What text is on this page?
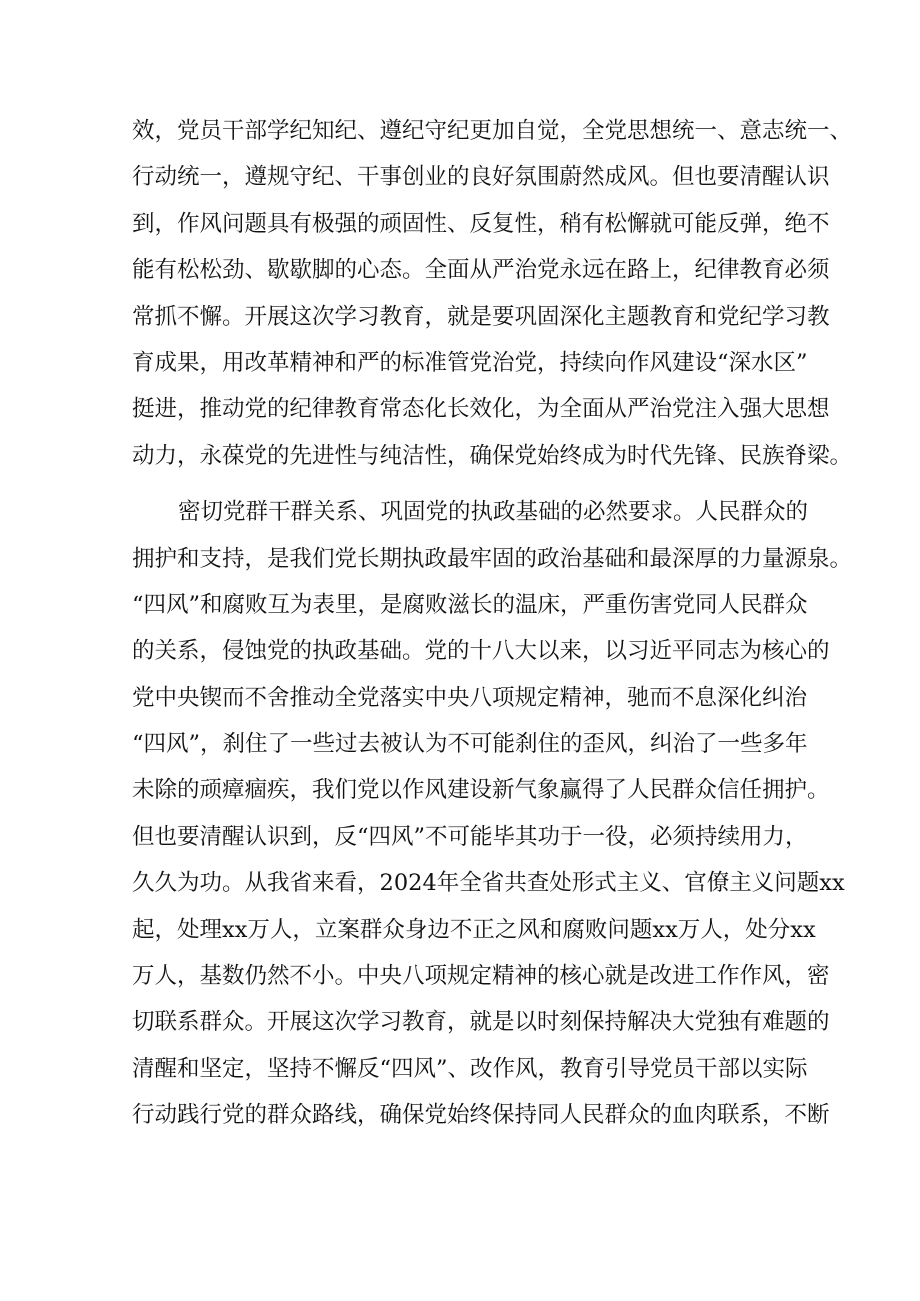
效，党员干部学纪知纪、遵纪守纪更加自觉，全党思想统一、意志统一、
行动统一，遵规守纪、干事创业的良好氛围蔚然成风。但也要清醒认识
到，作风问题具有极强的顽固性、反复性，稍有松懈就可能反弹，绝不
能有松松劲、歇歇脚的心态。全面从严治党永远在路上，纪律教育必须
常抓不懈。开展这次学习教育，就是要巩固深化主题教育和党纪学习教
育成果，用改革精神和严的标准管党治党，持续向作风建设“深水区”
挺进，推动党的纪律教育常态化长效化，为全面从严治党注入强大思想
动力，永葆党的先进性与纯洁性，确保党始终成为时代先锋、民族脊梁。
密切党群干群关系、巩固党的执政基础的必然要求。人民群众的
拥护和支持，是我们党长期执政最牢固的政治基础和最深厚的力量源泉。
“四风”和腐败互为表里，是腐败滋长的温床，严重伤害党同人民群众
的关系，侵蚀党的执政基础。党的十八大以来，以习近平同志为核心的
党中央锲而不舍推动全党落实中央八项规定精神，驰而不息深化纠治
“四风”，刹住了一些过去被认为不可能刹住的歪风，纠治了一些多年
未除的顽瘴痼疾，我们党以作风建设新气象赢得了人民群众信任拥护。
但也要清醒认识到，反“四风”不可能毕其功于一役，必须持续用力，
久久为功。从我省来看，2024年全省共查处形式主义、官僚主义问题xx
起，处理xx万人，立案群众身边不正之风和腐败问题xx万人，处分xx
万人，基数仍然不小。中央八项规定精神的核心就是改进工作作风，密
切联系群众。开展这次学习教育，就是以时刻保持解决大党独有难题的
清醒和坚定，坚持不懈反“四风”、改作风，教育引导党员干部以实际
行动践行党的群众路线，确保党始终保持同人民群众的血肉联系，不断
